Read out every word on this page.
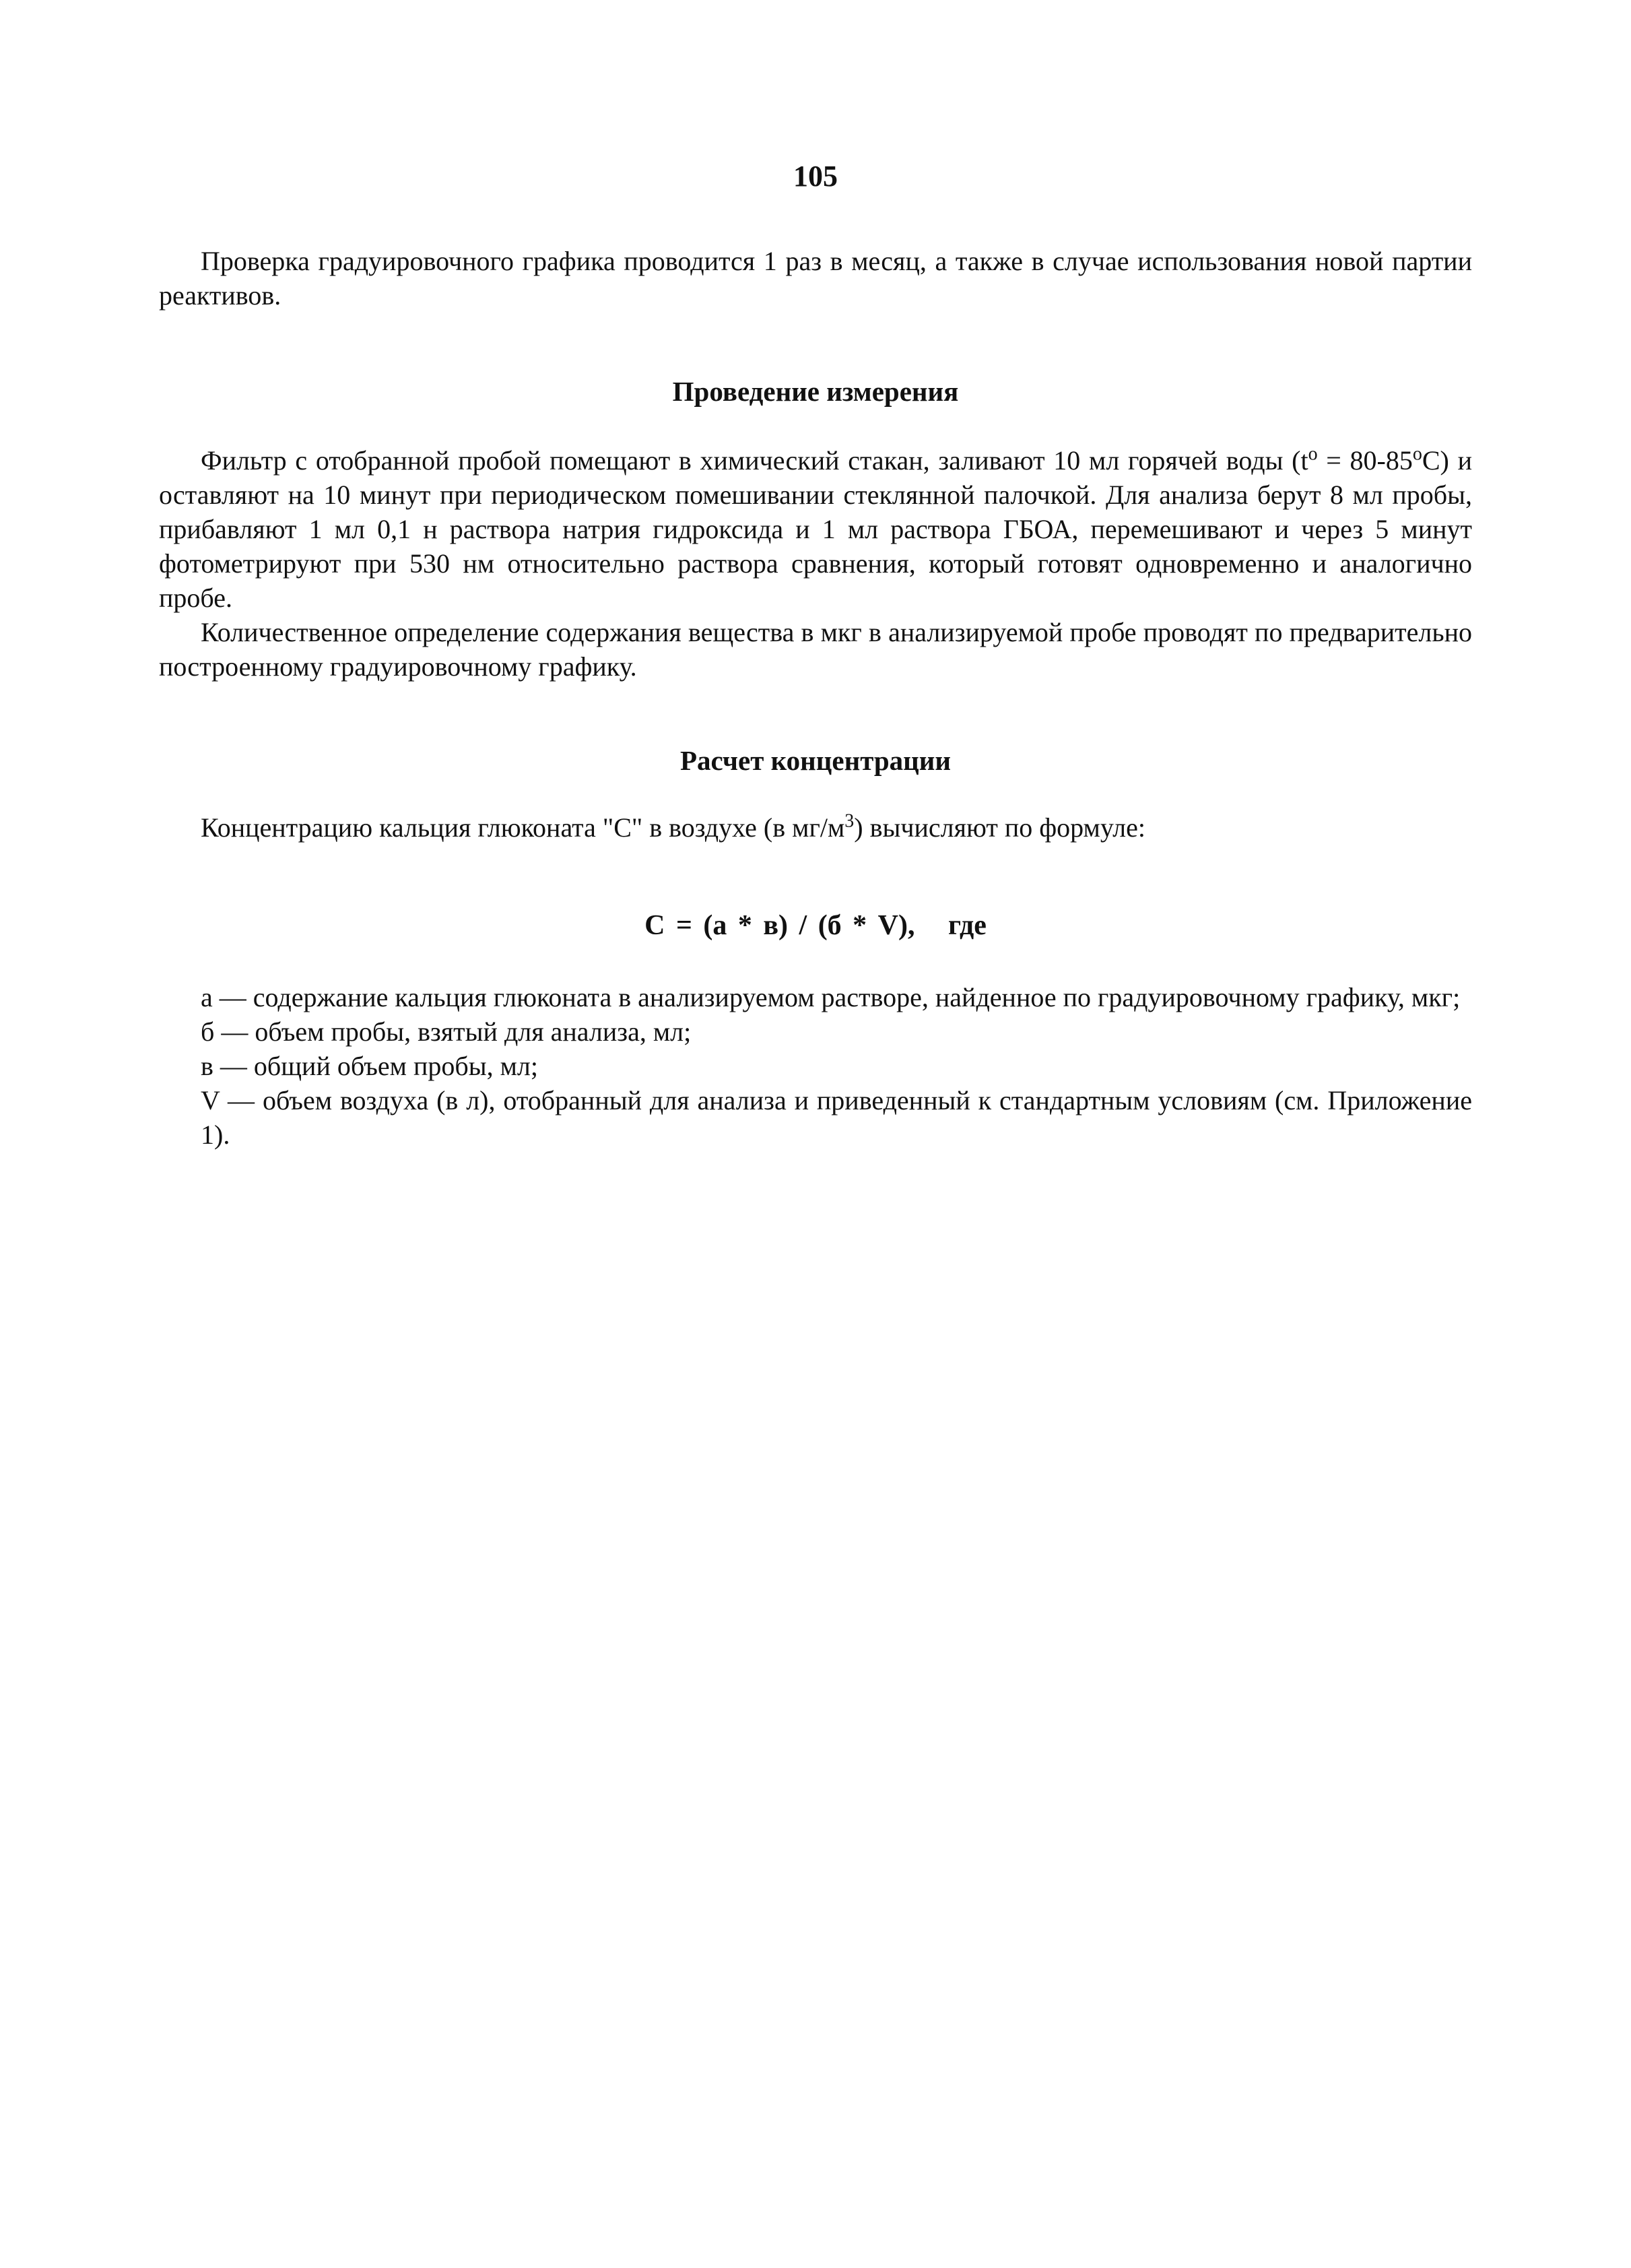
105

Проверка градуировочного графика проводится 1 раз в месяц, а также в случае использования новой партии реактивов.

Проведение измерения

Фильтр с отобранной пробой помещают в химический стакан, заливают 10 мл горячей воды $(t^о = 80-85^оС)$ и оставляют на 10 минут при периодическом помешивании стеклянной палочкой. Для анализа берут 8 мл пробы, прибавляют 1 мл 0,1 н раствора натрия гидроксида и 1 мл раствора ГБОА, перемешивают и через 5 минут фотометрируют при 530 нм относительно раствора сравнения, который готовят одновременно и аналогично пробе.

Количественное определение содержания вещества в мкг в анализируемой пробе проводят по предварительно построенному градуировочному графику.

Расчет концентрации

Концентрацию кальция глюконата "С" в воздухе (в $мг/м^3$) вычисляют по формуле:

С = (а * в) / (б * V),   где

а — содержание кальция глюконата в анализируемом растворе, найденное по градуировочному графику, мкг;

б — объем пробы, взятый для анализа, мл;

в — общий объем пробы, мл;

V — объем воздуха (в л), отобранный для анализа и приведенный к стандартным условиям (см. Приложение 1).
